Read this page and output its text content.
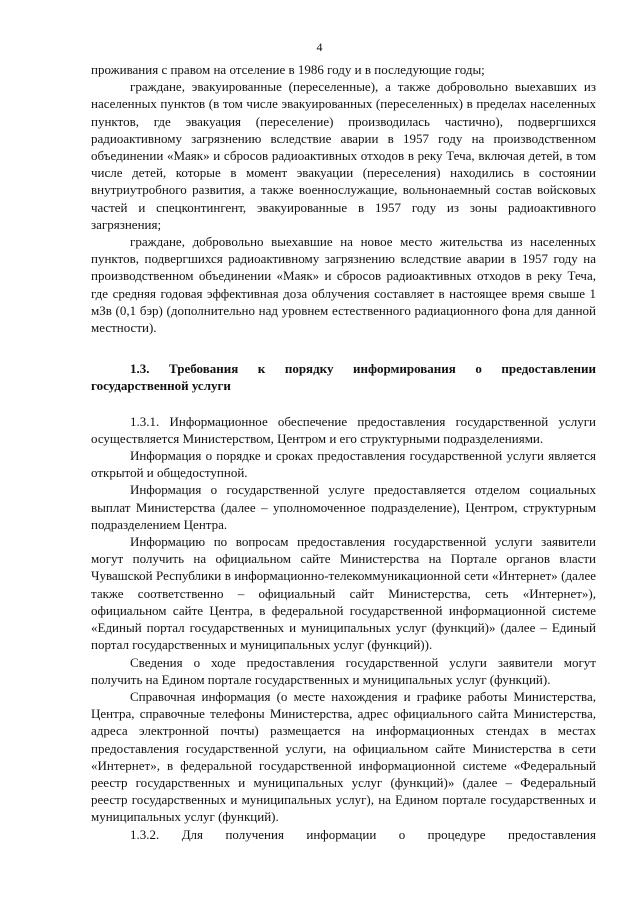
4

проживания с правом на отселение в 1986 году и в последующие годы;

граждане, эвакуированные (переселенные), а также добровольно выехавших из населенных пунктов (в том числе эвакуированных (переселенных) в пределах населенных пунктов, где эвакуация (переселение) производилась частично), подвергшихся радиоактивному загрязнению вследствие аварии в 1957 году на производственном объединении «Маяк» и сбросов радиоактивных отходов в реку Теча, включая детей, в том числе детей, которые в момент эвакуации (переселения) находились в состоянии внутриутробного развития, а также военнослужащие, вольнонаемный состав войсковых частей и спецконтингент, эвакуированные в 1957 году из зоны радиоактивного загрязнения;

граждане, добровольно выехавшие на новое место жительства из населенных пунктов, подвергшихся радиоактивному загрязнению вследствие аварии в 1957 году на производственном объединении «Маяк» и сбросов радиоактивных отходов в реку Теча, где средняя годовая эффективная доза облучения составляет в настоящее время свыше 1 мЗв (0,1 бэр) (дополнительно над уровнем естественного радиационного фона для данной местности).

1.3. Требования к порядку информирования о предоставлении государственной услуги

1.3.1. Информационное обеспечение предоставления государственной услуги осуществляется Министерством, Центром и его структурными подразделениями.

Информация о порядке и сроках предоставления государственной услуги является открытой и общедоступной.

Информация о государственной услуге предоставляется отделом социальных выплат Министерства (далее – уполномоченное подразделение), Центром, структурным подразделением Центра.

Информацию по вопросам предоставления государственной услуги заявители могут получить на официальном сайте Министерства на Портале органов власти Чувашской Республики в информационно-телекоммуникационной сети «Интернет» (далее также соответственно – официальный сайт Министерства, сеть «Интернет»), официальном сайте Центра, в федеральной государственной информационной системе «Единый портал государственных и муниципальных услуг (функций)» (далее – Единый портал государственных и муниципальных услуг (функций)).

Сведения о ходе предоставления государственной услуги заявители могут получить на Едином портале государственных и муниципальных услуг (функций).

Справочная информация (о месте нахождения и графике работы Министерства, Центра, справочные телефоны Министерства, адрес официального сайта Министерства, адреса электронной почты) размещается на информационных стендах в местах предоставления государственной услуги, на официальном сайте Министерства в сети «Интернет», в федеральной государственной информационной системе «Федеральный реестр государственных и муниципальных услуг (функций)» (далее – Федеральный реестр государственных и муниципальных услуг), на Едином портале государственных и муниципальных услуг (функций).

1.3.2. Для получения информации о процедуре предоставления
